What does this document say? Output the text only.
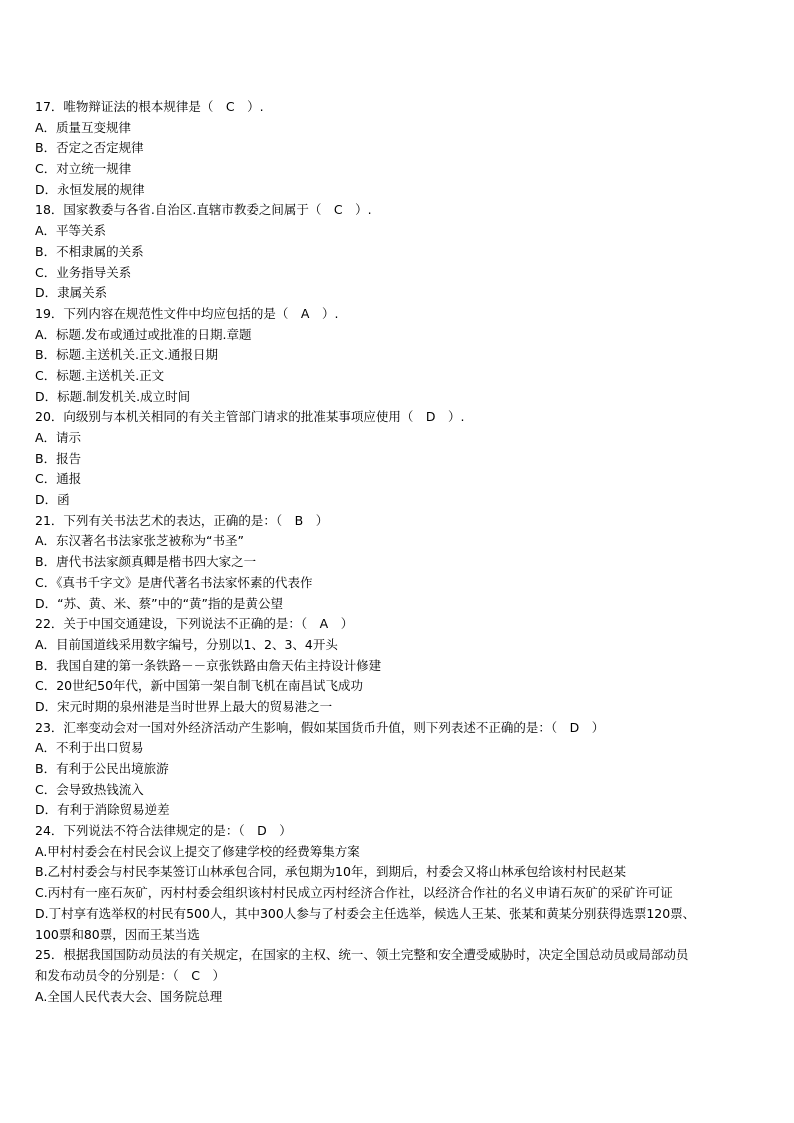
17．唯物辩证法的根本规律是（　C　）.
A．质量互变规律
B．否定之否定规律
C．对立统一规律
D．永恒发展的规律
18．国家教委与各省.自治区.直辖市教委之间属于（　C　）.
A．平等关系
B．不相隶属的关系
C．业务指导关系
D．隶属关系
19．下列内容在规范性文件中均应包括的是（　A　）.
A．标题.发布或通过或批准的日期.章题
B．标题.主送机关.正文.通报日期
C．标题.主送机关.正文
D．标题.制发机关.成立时间
20．向级别与本机关相同的有关主管部门请求的批准某事项应使用（　D　）.
A．请示
B．报告
C．通报
D．函
21．下列有关书法艺术的表达，正确的是：（　B　）
A．东汉著名书法家张芝被称为“书圣”
B．唐代书法家颜真卿是楷书四大家之一
C．《真书千字文》是唐代著名书法家怀素的代表作
D．“苏、黄、米、蔡”中的“黄”指的是黄公望
22．关于中国交通建设，下列说法不正确的是：（　A　）
A．目前国道线采用数字编号，分别以1、2、3、4开头
B．我国自建的第一条铁路－－京张铁路由詹天佑主持设计修建
C．20世纪50年代，新中国第一架自制飞机在南昌试飞成功
D．宋元时期的泉州港是当时世界上最大的贸易港之一
23．汇率变动会对一国对外经济活动产生影响，假如某国货币升值，则下列表述不正确的是：（　D　）
A．不利于出口贸易
B．有利于公民出境旅游
C．会导致热钱流入
D．有利于消除贸易逆差
24．下列说法不符合法律规定的是：（　D　）
A.甲村村委会在村民会议上提交了修建学校的经费筹集方案
B.乙村村委会与村民李某签订山林承包合同，承包期为10年，到期后，村委会又将山林承包给该村村民赵某
C.丙村有一座石灰矿，丙村村委会组织该村村民成立丙村经济合作社，以经济合作社的名义申请石灰矿的采矿许可证
D.丁村享有选举权的村民有500人，其中300人参与了村委会主任选举，候选人王某、张某和黄某分别获得选票120票、
100票和80票，因而王某当选
25．根据我国国防动员法的有关规定，在国家的主权、统一、领土完整和安全遭受威胁时，决定全国总动员或局部动员
和发布动员令的分别是：（　C　）
A.全国人民代表大会、国务院总理
